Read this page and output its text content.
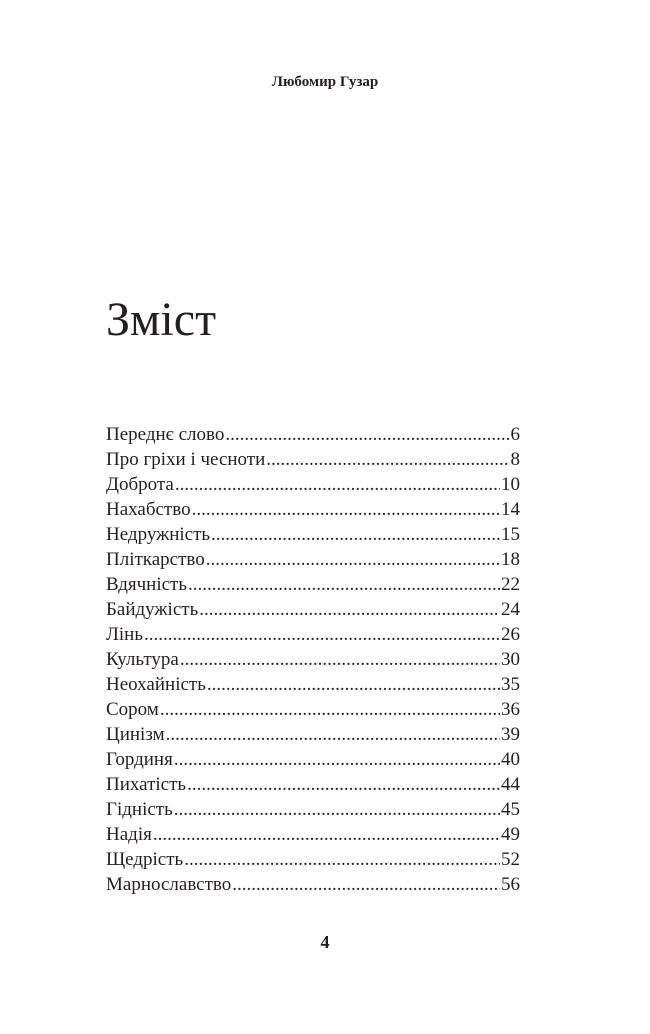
Любомир Гузар
Зміст
Переднє слово .....	6
Про гріхи і чесноти .....	8
Доброта .....	10
Нахабство .....	14
Недружність .....	15
Пліткарство .....	18
Вдячність .....	22
Байдужість .....	24
Лінь .....	26
Культура .....	30
Неохайність .....	35
Сором .....	36
Цинізм .....	39
Гординя .....	40
Пихатість .....	44
Гідність .....	45
Надія .....	49
Щедрість .....	52
Марнославство .....	56
4
